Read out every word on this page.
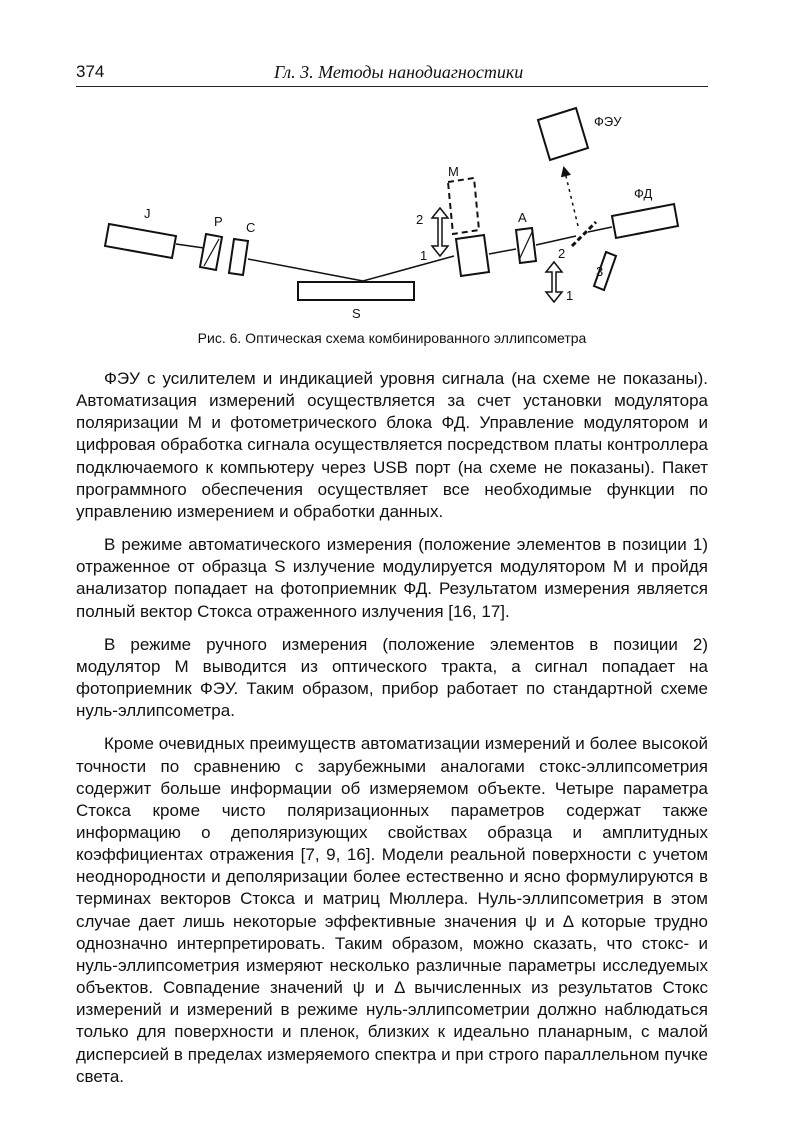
374	Гл. 3. Методы нанодиагностики
J
P C
S
M
2
1
A
ФЭУ
ФД
2
1
3
Рис. 6. Оптическая схема комбинированного эллипсометра

ФЭУ с усилителем и индикацией уровня сигнала (на схеме не показаны). Автоматизация измерений осуществляется за счет установки модулятора поляризации М и фотометрического блока ФД. Управление модулятором и цифровая обработка сигнала осуществляется посредством платы контроллера подключаемого к компьютеру через USB порт (на схеме не показаны). Пакет программного обеспечения осуществляет все необходимые функции по управлению измерением и обработки данных.

В режиме автоматического измерения (положение элементов в позиции 1) отраженное от образца S излучение модулируется модулятором М и пройдя анализатор попадает на фотоприемник ФД. Результатом измерения является полный вектор Стокса отраженного излучения [16, 17].

В режиме ручного измерения (положение элементов в позиции 2) модулятор М выводится из оптического тракта, а сигнал попадает на фотоприемник ФЭУ. Таким образом, прибор работает по стандартной схеме нуль-эллипсометра.

Кроме очевидных преимуществ автоматизации измерений и более высокой точности по сравнению с зарубежными аналогами стокс-эллипсометрия содержит больше информации об измеряемом объекте. Четыре параметра Стокса кроме чисто поляризационных параметров содержат также информацию о деполяризующих свойствах образца и амплитудных коэффициентах отражения [7, 9, 16]. Модели реальной поверхности с учетом неоднородности и деполяризации более естественно и ясно формулируются в терминах векторов Стокса и матриц Мюллера. Нуль-эллипсометрия в этом случае дает лишь некоторые эффективные значения ψ и Δ которые трудно однозначно интерпретировать. Таким образом, можно сказать, что стокс- и нуль-эллипсометрия измеряют несколько различные параметры исследуемых объектов. Совпадение значений ψ и Δ вычисленных из результатов Стокс измерений и измерений в режиме нуль-эллипсометрии должно наблюдаться только для поверхности и пленок, близких к идеально планарным, с малой дисперсией в пределах измеряемого спектра и при строго параллельном пучке света.
